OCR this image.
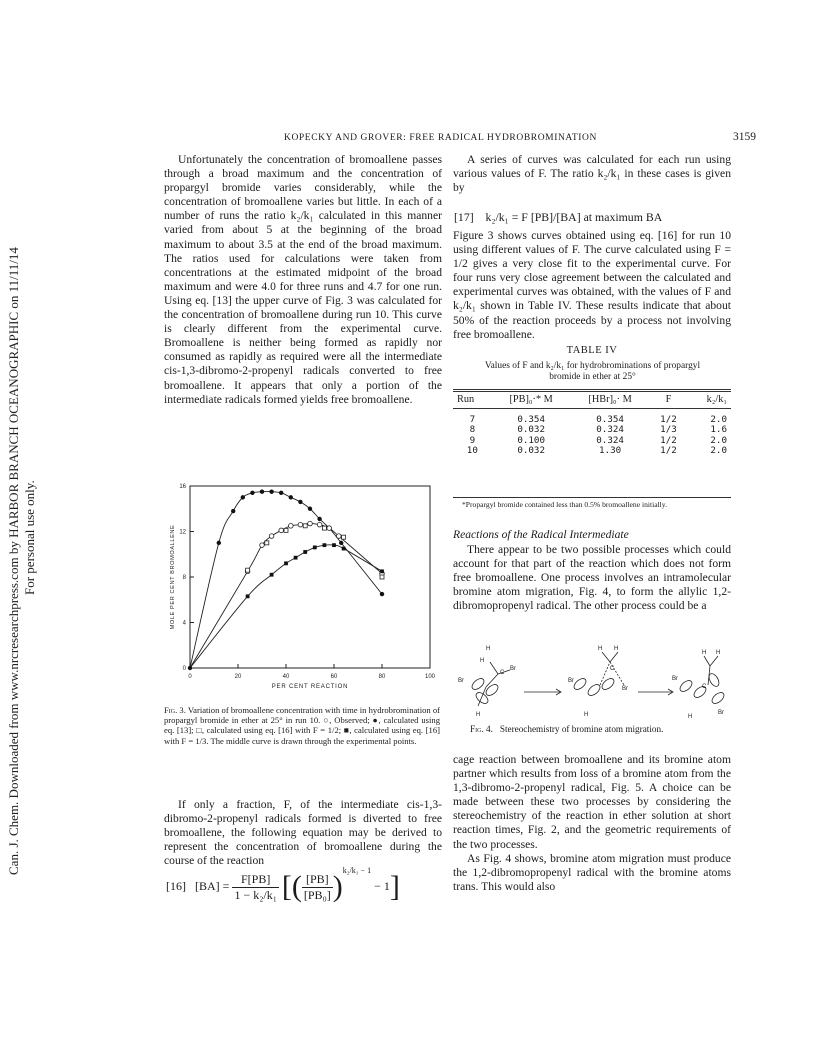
Can. J. Chem. Downloaded from www.nrcresearchpress.com by HARBOR BRANCH OCEANOGRAPHIC on 11/11/14 For personal use only.
KOPECKY AND GROVER: FREE RADICAL HYDROBROMINATION	3159

Unfortunately the concentration of bromoallene passes through a broad maximum and the concentration of propargyl bromide varies considerably, while the concentration of bromoallene varies but little. In each of a number of runs the ratio k₂/k₁ calculated in this manner varied from about 5 at the beginning of the broad maximum to about 3.5 at the end of the broad maximum. The ratios used for calculations were taken from concentrations at the estimated midpoint of the broad maximum and were 4.0 for three runs and 4.7 for one run. Using eq. [13] the upper curve of Fig. 3 was calculated for the concentration of bromoallene during run 10. This curve is clearly different from the experimental curve. Bromoallene is neither being formed as rapidly nor consumed as rapidly as required were all the intermediate cis-1,3-dibromo-2-propenyl radicals converted to free bromoallene. It appears that only a portion of the intermediate radicals formed yields free bromoallene.

0	20	40	60	80	100
0
4
8
12
16
PER CENT REACTION
MOLE PER CENT BROMOALLENE
Fig. 3. Variation of bromoallene concentration with time in hydrobromination of propargyl bromide in ether at 25° in run 10. ○, Observed; ●, calculated using eq. [13]; □, calculated using eq. [16] with F = 1/2; ■, calculated using eq. [16] with F = 1/3. The middle curve is drawn through the experimental points.

If only a fraction, F, of the intermediate cis-1,3-dibromo-2-propenyl radicals formed is diverted to free bromoallene, the following equation may be derived to represent the concentration of bromoallene during the course of the reaction

[16] $[BA] = \frac{F[PB]}{\text{1 − k₂/k₁}}$ [( $\frac{[PB]}{\text{[PB₀]}} )^{k_2/k_1 - 1} - 1$]

A series of curves was calculated for each run using various values of F. The ratio k₂/k₁ in these cases is given by

[17] k₂/k₁ = F [PB]/[BA] at maximum BA

Figure 3 shows curves obtained using eq. [16] for run 10 using different values of F. The curve calculated using F = 1/2 gives a very close fit to the experimental curve. For four runs very close agreement between the calculated and experimental curves was obtained, with the values of F and k₂/k₁ shown in Table IV. These results indicate that about 50% of the reaction proceeds by a process not involving free bromoallene.

TABLE IV
Values of F and k₂/k₁ for hydrobrominations of propargyl bromide in ether at 25°
Run	[PB]₀·* M	[HBr]₀· M	F	k₂/k₁

7	0.354	0.354	1/2	2.0
8	0.032	0.324	1/3	1.6
9	0.100	0.324	1/2	2.0
10	0.032	1.30	1/2	2.0
*Propargyl bromide contained less than 0.5% bromoallene initially.
Reactions of the Radical Intermediate

There appear to be two possible processes which could account for that part of the reaction which does not form free bromoallene. One process involves an intramolecular bromine atom migration, Fig. 4, to form the allylic 1,2-dibromopropenyl radical. The other process could be a

H
H
C
Br
Br
H
H H
C
Br
Br
H
H H
Br
H
Br
C
Fig. 4. Stereochemistry of bromine atom migration.

cage reaction between bromoallene and its bromine atom partner which results from loss of a bromine atom from the 1,3-dibromo-2-propenyl radical, Fig. 5. A choice can be made between these two processes by considering the stereochemistry of the reaction in ether solution at short reaction times, Fig. 2, and the geometric requirements of the two processes.

As Fig. 4 shows, bromine atom migration must produce the 1,2-dibromopropenyl radical with the bromine atoms trans. This would also
